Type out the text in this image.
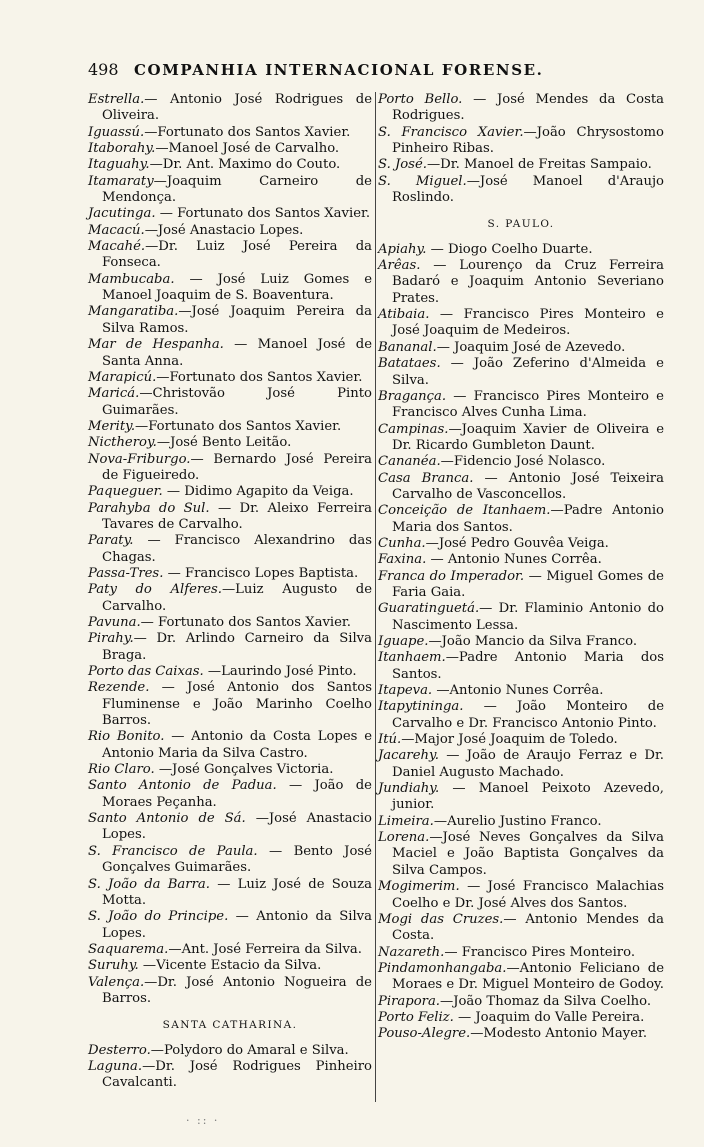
498	COMPANHIA INTERNACIONAL FORENSE.
Estrella.— Antonio José Rodrigues de Oliveira.
Iguassú.—Fortunato dos Santos Xavier.
Itaborahy.—Manoel José de Carvalho.
Itaguahy.—Dr. Ant. Maximo do Couto.
Itamaraty—Joaquim Carneiro de Mendonça.
Jacutinga. — Fortunato dos Santos Xavier.
Macacú.—José Anastacio Lopes.
Macahé.—Dr. Luiz José Pereira da Fonseca.
Mambucaba. — José Luiz Gomes e Manoel Joaquim de S. Boaventura.
Mangaratiba.—José Joaquim Pereira da Silva Ramos.
Mar de Hespanha. — Manoel José de Santa Anna.
Marapicú.—Fortunato dos Santos Xavier.
Maricá.—Christovão José Pinto Guimarães.
Merity.—Fortunato dos Santos Xavier.
Nictheroy.—José Bento Leitão.
Nova-Friburgo.— Bernardo José Pereira de Figueiredo.
Paqueguer. — Didimo Agapito da Veiga.
Parahyba do Sul. — Dr. Aleixo Ferreira Tavares de Carvalho.
Paraty. — Francisco Alexandrino das Chagas.
Passa-Tres. — Francisco Lopes Baptista.
Paty do Alferes.—Luiz Augusto de Carvalho.
Pavuna.— Fortunato dos Santos Xavier.
Pirahy.— Dr. Arlindo Carneiro da Silva Braga.
Porto das Caixas. —Laurindo José Pinto.
Rezende. — José Antonio dos Santos Fluminense e João Marinho Coelho Barros.
Rio Bonito. — Antonio da Costa Lopes e Antonio Maria da Silva Castro.
Rio Claro. —José Gonçalves Victoria.
Santo Antonio de Padua. — João de Moraes Peçanha.
Santo Antonio de Sá. —José Anastacio Lopes.
S. Francisco de Paula. — Bento José Gonçalves Guimarães.
S. João da Barra. — Luiz José de Souza Motta.
S. João do Principe. — Antonio da Silva Lopes.
Saquarema.—Ant. José Ferreira da Silva.
Suruhy. —Vicente Estacio da Silva.
Valença.—Dr. José Antonio Nogueira de Barros.
SANTA CATHARINA.
Desterro.—Polydoro do Amaral e Silva.
Laguna.—Dr. José Rodrigues Pinheiro Cavalcanti.
Porto Bello. — José Mendes da Costa Rodrigues.
S. Francisco Xavier.—João Chrysostomo Pinheiro Ribas.
S. José.—Dr. Manoel de Freitas Sampaio.
S. Miguel.—José Manoel d'Araujo Roslindo.
S. PAULO.
Apiahy. — Diogo Coelho Duarte.
Arêas. — Lourenço da Cruz Ferreira Badaró e Joaquim Antonio Severiano Prates.
Atibaia. — Francisco Pires Monteiro e José Joaquim de Medeiros.
Bananal.— Joaquim José de Azevedo.
Batataes. — João Zeferino d'Almeida e Silva.
Bragança. — Francisco Pires Monteiro e Francisco Alves Cunha Lima.
Campinas.—Joaquim Xavier de Oliveira e Dr. Ricardo Gumbleton Daunt.
Cananéa.—Fidencio José Nolasco.
Casa Branca. — Antonio José Teixeira Carvalho de Vasconcellos.
Conceição de Itanhaem.—Padre Antonio Maria dos Santos.
Cunha.—José Pedro Gouvêa Veiga.
Faxina. — Antonio Nunes Corrêa.
Franca do Imperador. — Miguel Gomes de Faria Gaia.
Guaratinguetá.— Dr. Flaminio Antonio do Nascimento Lessa.
Iguape.—João Mancio da Silva Franco.
Itanhaem.—Padre Antonio Maria dos Santos.
Itapeva. —Antonio Nunes Corrêa.
Itapytininga. — João Monteiro de Carvalho e Dr. Francisco Antonio Pinto.
Itú.—Major José Joaquim de Toledo.
Jacarehy. — João de Araujo Ferraz e Dr. Daniel Augusto Machado.
Jundiahy. — Manoel Peixoto Azevedo, junior.
Limeira.—Aurelio Justino Franco.
Lorena.—José Neves Gonçalves da Silva Maciel e João Baptista Gonçalves da Silva Campos.
Mogimerim. — José Francisco Malachias Coelho e Dr. José Alves dos Santos.
Mogi das Cruzes.— Antonio Mendes da Costa.
Nazareth.— Francisco Pires Monteiro.
Pindamonhangaba.—Antonio Feliciano de Moraes e Dr. Miguel Monteiro de Godoy.
Pirapora.—João Thomaz da Silva Coelho.
Porto Feliz. — Joaquim do Valle Pereira.
Pouso-Alegre.—Modesto Antonio Mayer.
· :: ·
